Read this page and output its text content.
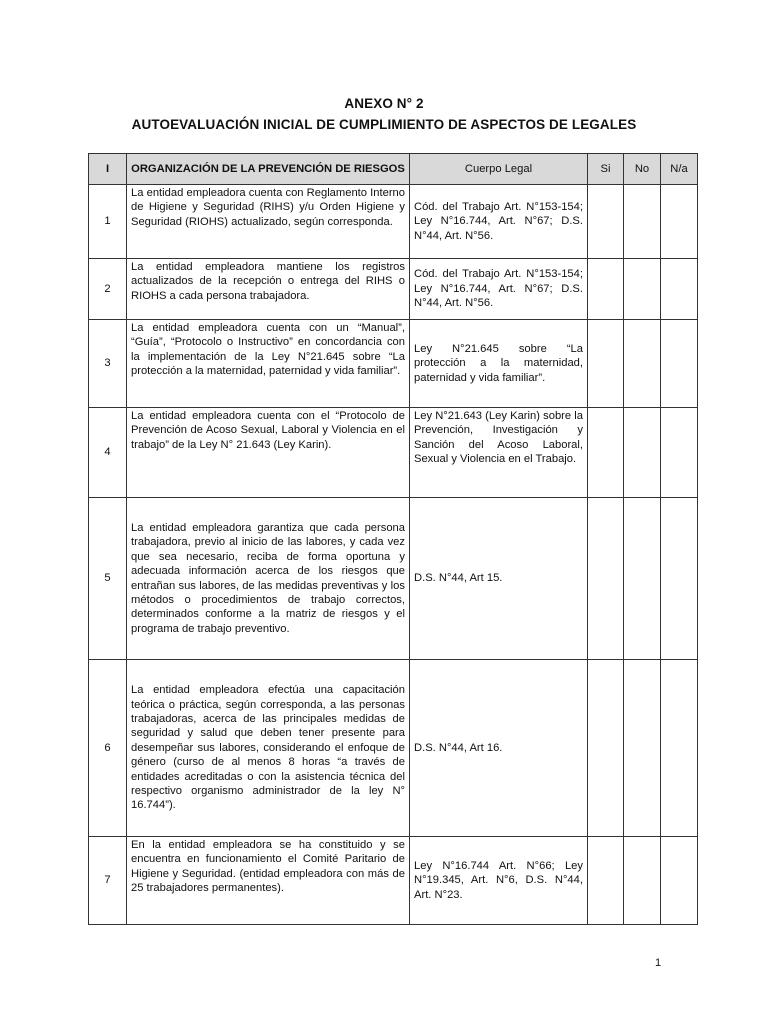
ANEXO N° 2
AUTOEVALUACIÓN INICIAL DE CUMPLIMIENTO DE ASPECTOS DE LEGALES
I	ORGANIZACIÓN DE LA PREVENCIÓN DE RIESGOS	Cuerpo Legal	Si	No	N/a
1	La entidad empleadora cuenta con Reglamento Interno de Higiene y Seguridad (RIHS) y/u Orden Higiene y Seguridad (RIOHS) actualizado, según corresponda.	Cód. del Trabajo Art. N°153-154; Ley N°16.744, Art. N°67; D.S. N°44, Art. N°56.			
2	La entidad empleadora mantiene los registros actualizados de la recepción o entrega del RIHS o RIOHS a cada persona trabajadora.	Cód. del Trabajo Art. N°153-154; Ley N°16.744, Art. N°67; D.S. N°44, Art. N°56.			
3	La entidad empleadora cuenta con un “Manual”, “Guía”, “Protocolo o Instructivo” en concordancia con la implementación de la Ley N°21.645 sobre “La protección a la maternidad, paternidad y vida familiar”.	Ley N°21.645 sobre “La protección a la maternidad, paternidad y vida familiar”.			
4	La entidad empleadora cuenta con el “Protocolo de Prevención de Acoso Sexual, Laboral y Violencia en el trabajo” de la Ley N° 21.643 (Ley Karin).	Ley N°21.643 (Ley Karin) sobre la Prevención, Investigación y Sanción del Acoso Laboral, Sexual y Violencia en el Trabajo.			
5	La entidad empleadora garantiza que cada persona trabajadora, previo al inicio de las labores, y cada vez que sea necesario, reciba de forma oportuna y adecuada información acerca de los riesgos que entrañan sus labores, de las medidas preventivas y los métodos o procedimientos de trabajo correctos, determinados conforme a la matriz de riesgos y el programa de trabajo preventivo.	D.S. N°44, Art 15.			
6	La entidad empleadora efectúa una capacitación teórica o práctica, según corresponda, a las personas trabajadoras, acerca de las principales medidas de seguridad y salud que deben tener presente para desempeñar sus labores, considerando el enfoque de género (curso de al menos 8 horas “a través de entidades acreditadas o con la asistencia técnica del respectivo organismo administrador de la ley N° 16.744”).	D.S. N°44, Art 16.			
7	En la entidad empleadora se ha constituido y se encuentra en funcionamiento el Comité Paritario de Higiene y Seguridad. (entidad empleadora con más de 25 trabajadores permanentes).	Ley N°16.744 Art. N°66; Ley N°19.345, Art. N°6, D.S. N°44, Art. N°23.			
1
